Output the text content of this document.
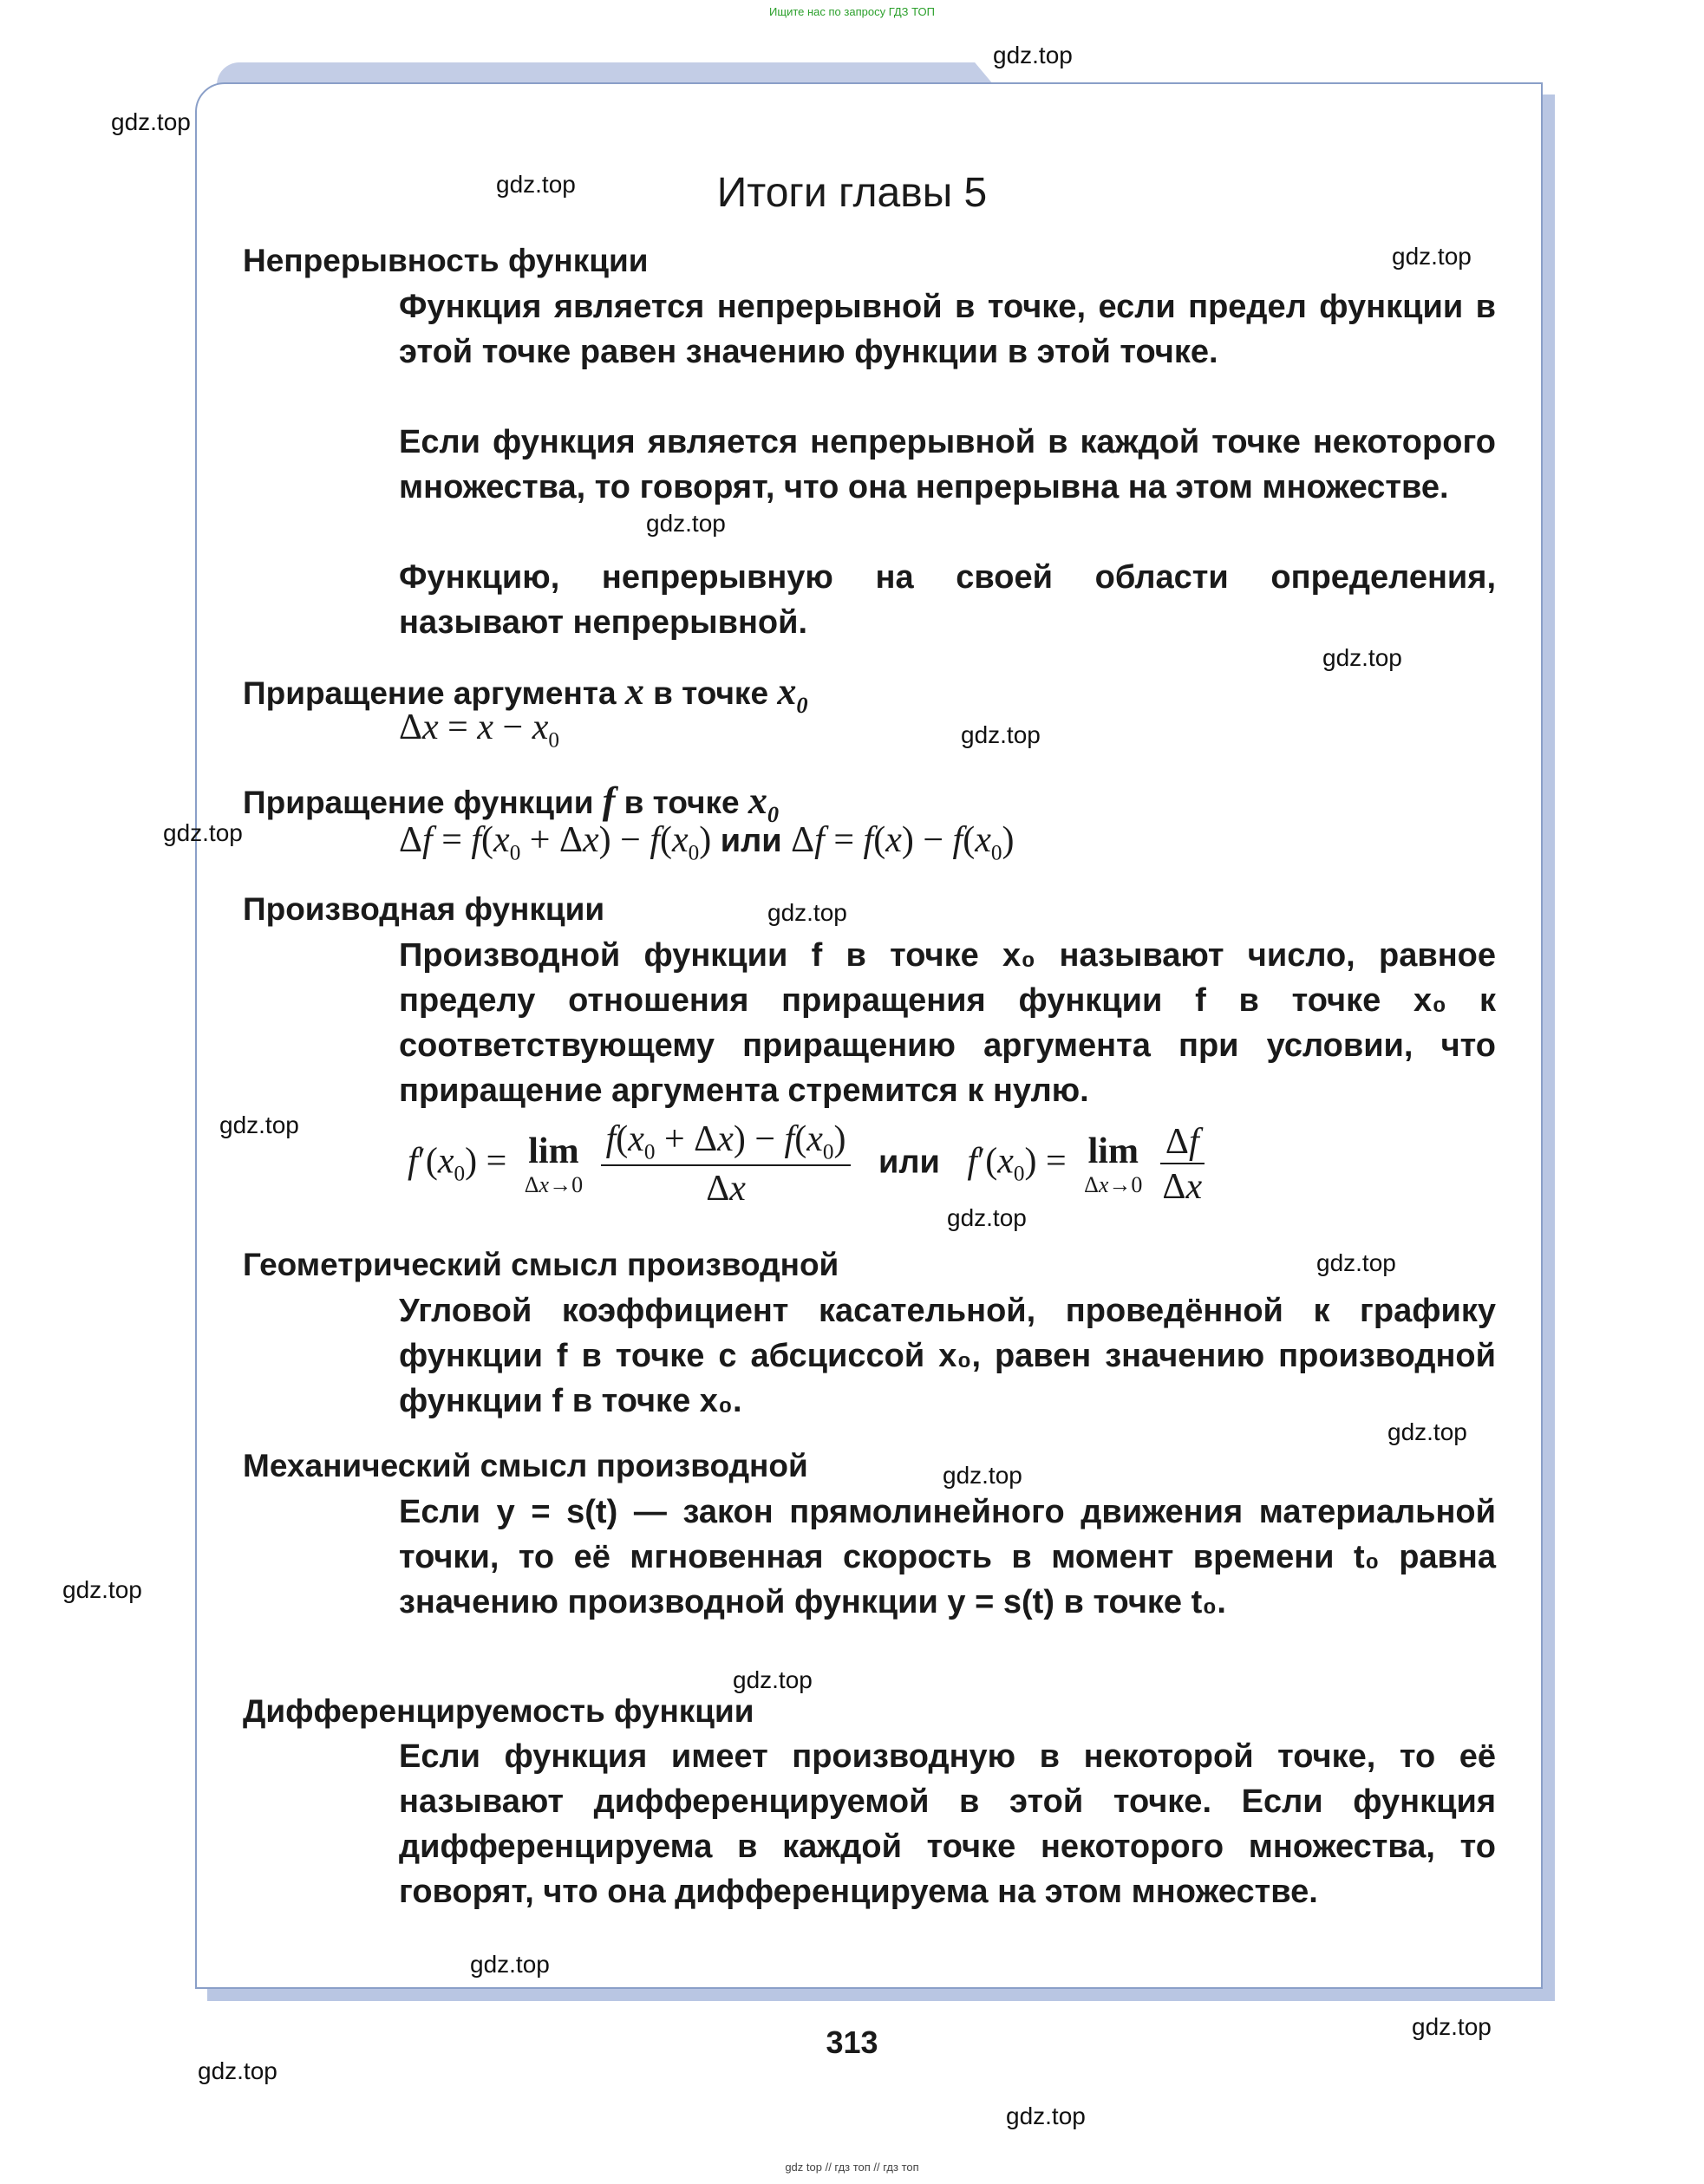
Ищите нас по запросу ГДЗ ТОП

Итоги главы 5
Непрерывность функции
Функция является непрерывной в точке, если предел функции в этой точке равен значению функции в этой точке.
Если функция является непрерывной в каждой точке некоторого множества, то говорят, что она непрерывна на этом множестве.
Функцию, непрерывную на своей области определения, называют непрерывной.
Приращение аргумента x в точке $x_0$
$\Delta x = x - x_0$
Приращение функции f в точке $x_0$
$\Delta f = f(x_0 + \Delta x) - f(x_0)$ или $\Delta f = f(x) - f(x_0)$
Производная функции
Производной функции f в точке x₀ называют число, равное пределу отношения приращения функции f в точке x₀ к соответствующему приращению аргумента при условии, что приращение аргумента стремится к нулю.
$f'(x_0) = \lim$
Δx→0
$\frac{f(x_0 + \Delta x) - f(x_0)}{\Delta x}$ или $f'(x_0) = \lim$
Δx→0
$\frac{\Delta f}{\Delta x}$
Геометрический смысл производной
Угловой коэффициент касательной, проведённой к графику функции f в точке с абсциссой x₀, равен значению производной функции f в точке x₀.
Механический смысл производной
Если y = s(t) — закон прямолинейного движения материальной точки, то её мгновенная скорость в момент времени t₀ равна значению производной функции y = s(t) в точке t₀.
Дифференцируемость функции
Если функция имеет производную в некоторой точке, то её называют дифференцируемой в этой точке. Если функция дифференцируема в каждой точке некоторого множества, то говорят, что она дифференцируема на этом множестве.
313
gdz.top
gdz.top
gdz.top
gdz.top
gdz.top
gdz.top
gdz.top
gdz.top
gdz.top
gdz.top
gdz.top
gdz.top
gdz.top
gdz.top
gdz.top
gdz.top
gdz.top
gdz.top
gdz.top
gdz.top
gdz top // гдз топ // гдз топ
